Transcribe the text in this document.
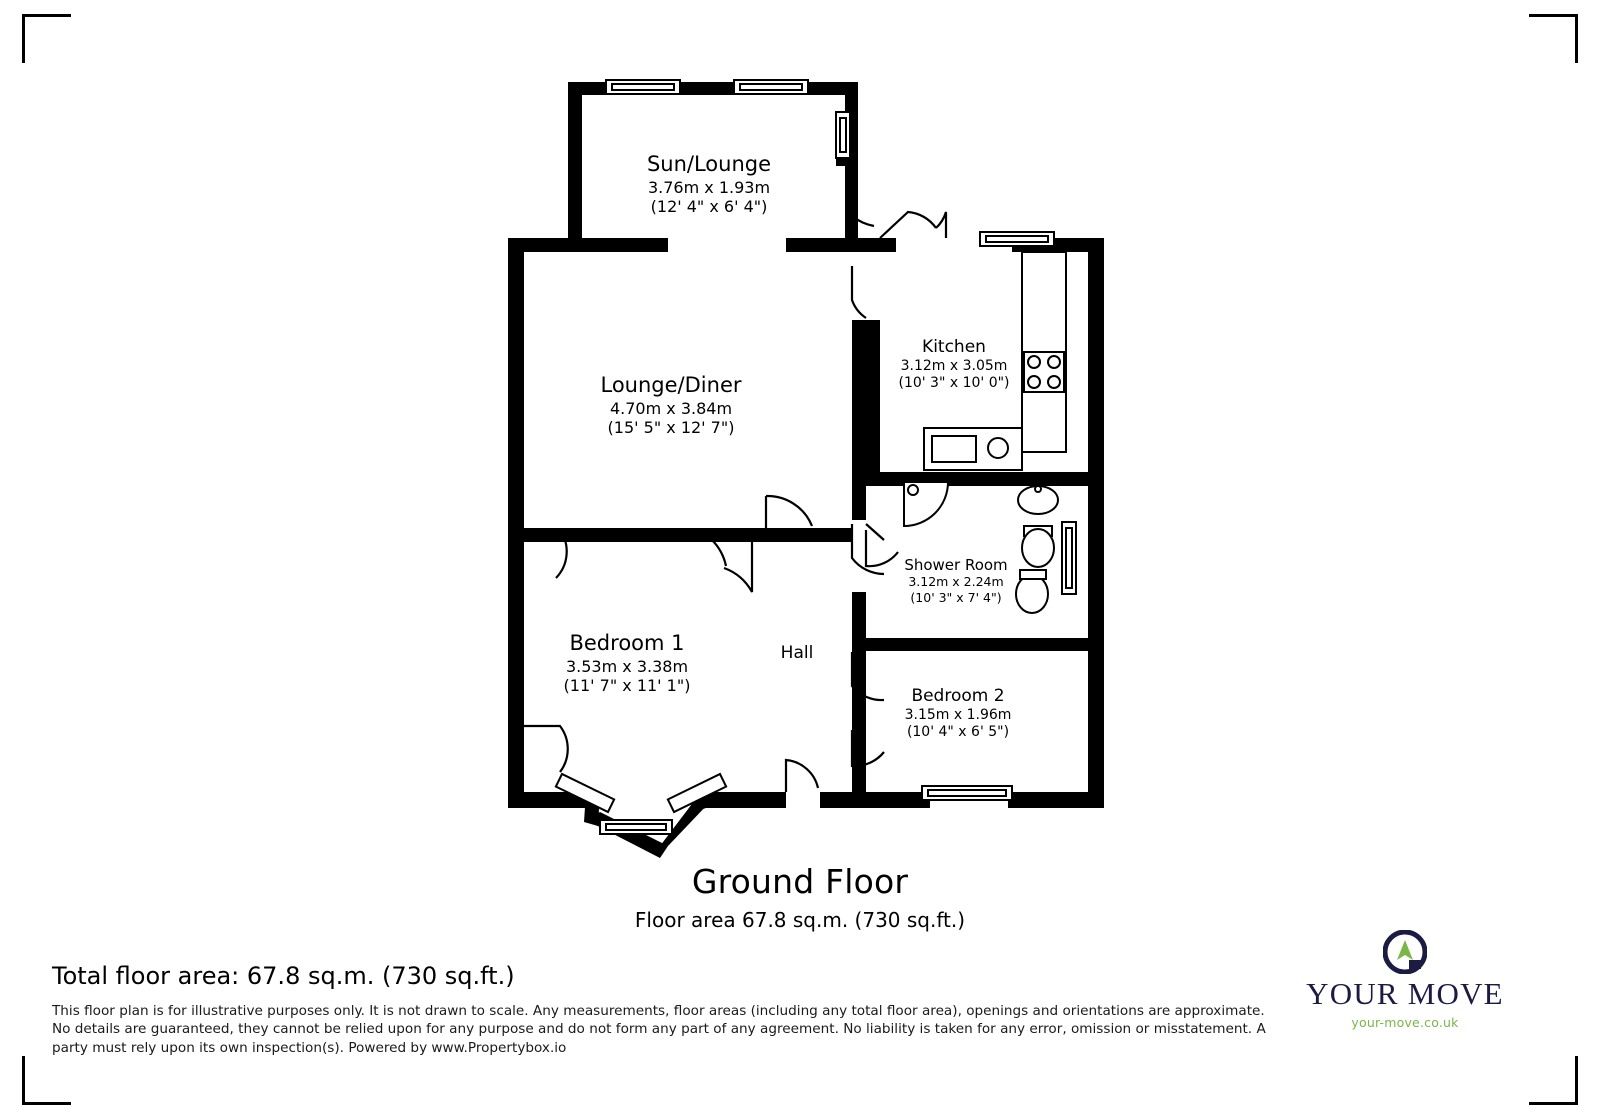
Sun/Lounge
3.76m x 1.93m
(12' 4" x 6' 4")
Lounge/Diner
4.70m x 3.84m
(15' 5" x 12' 7")
Kitchen
3.12m x 3.05m
(10' 3" x 10' 0")
Shower Room
3.12m x 2.24m
(10' 3" x 7' 4")
Bedroom 1
3.53m x 3.38m
(11' 7" x 11' 1")
Bedroom 2
3.15m x 1.96m
(10' 4" x 6' 5")
Hall
Ground Floor
Floor area 67.8 sq.m. (730 sq.ft.)
Total floor area: 67.8 sq.m. (730 sq.ft.)
This floor plan is for illustrative purposes only. It is not drawn to scale. Any measurements, floor areas (including any total floor area), openings and orientations are approximate. No details are guaranteed, they cannot be relied upon for any purpose and do not form any part of any agreement. No liability is taken for any error, omission or misstatement. A party must rely upon its own inspection(s). Powered by www.Propertybox.io
YOUR MOVE
your-move.co.uk
